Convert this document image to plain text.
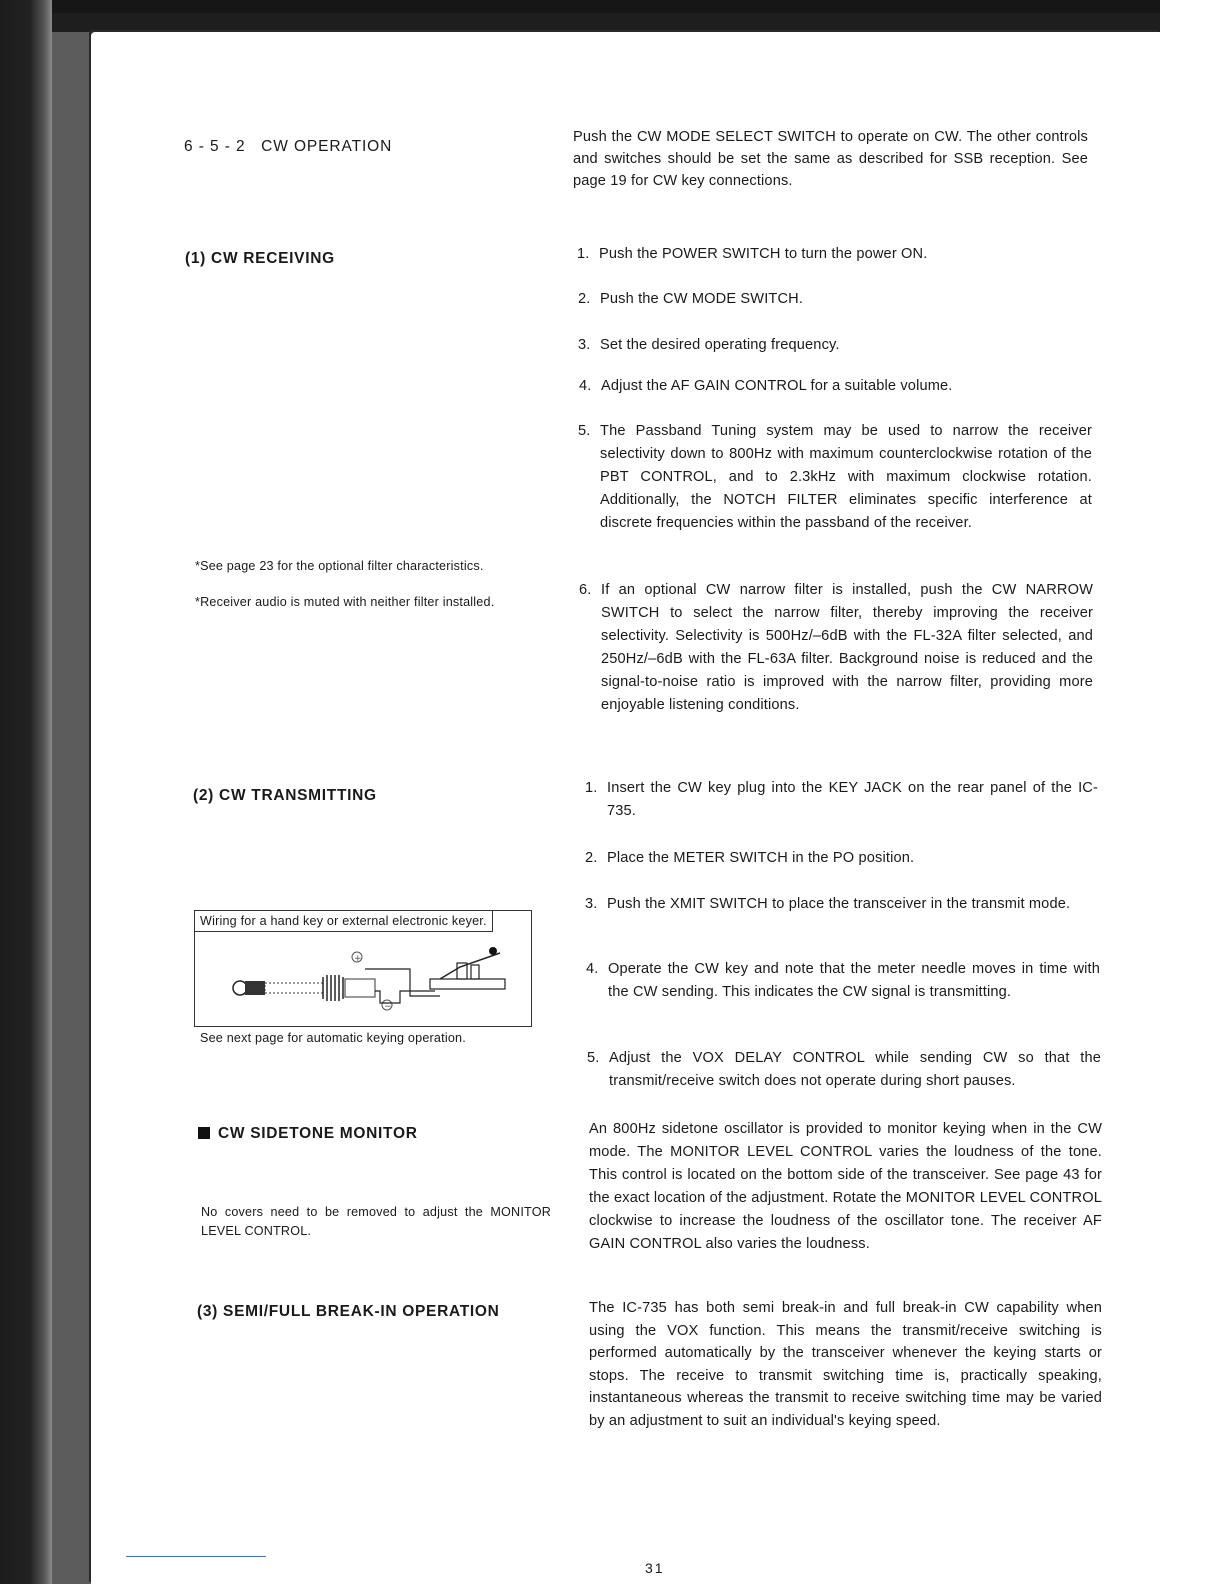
6 - 5 - 2 CW OPERATION
Push the CW MODE SELECT SWITCH to operate on CW. The other controls and switches should be set the same as described for SSB reception. See page 19 for CW key connections.
(1) CW RECEIVING	1. Push the POWER SWITCH to turn the power ON.
2. Push the CW MODE SWITCH.
3. Set the desired operating frequency.
4. Adjust the AF GAIN CONTROL for a suitable volume.
5. The Passband Tuning system may be used to narrow the receiver selectivity down to 800Hz with maximum counterclockwise rotation of the PBT CONTROL, and to 2.3kHz with maximum clockwise rotation. Additionally, the NOTCH FILTER eliminates specific interference at discrete frequencies within the passband of the receiver.
*See page 23 for the optional filter characteristics.
*Receiver audio is muted with neither filter installed.
6. If an optional CW narrow filter is installed, push the CW NARROW SWITCH to select the narrow filter, thereby improving the receiver selectivity. Selectivity is 500Hz/–6dB with the FL-32A filter selected, and 250Hz/–6dB with the FL-63A filter. Background noise is reduced and the signal-to-noise ratio is improved with the narrow filter, providing more enjoyable listening conditions.
(2) CW TRANSMITTING	1. Insert the CW key plug into the KEY JACK on the rear panel of the IC-735.
2. Place the METER SWITCH in the PO position.
3. Push the XMIT SWITCH to place the transceiver in the transmit mode.
Wiring for a hand key or external electronic keyer.
+
−
See next page for automatic keying operation.
4. Operate the CW key and note that the meter needle moves in time with the CW sending. This indicates the CW signal is transmitting.
5. Adjust the VOX DELAY CONTROL while sending CW so that the transmit/receive switch does not operate during short pauses.
CW SIDETONE MONITOR
No covers need to be removed to adjust the MONITOR LEVEL CONTROL.
An 800Hz sidetone oscillator is provided to monitor keying when in the CW mode. The MONITOR LEVEL CONTROL varies the loudness of the tone. This control is located on the bottom side of the transceiver. See page 43 for the exact location of the adjustment. Rotate the MONITOR LEVEL CONTROL clockwise to increase the loudness of the oscillator tone. The receiver AF GAIN CONTROL also varies the loudness.
(3) SEMI/FULL BREAK-IN OPERATION	The IC-735 has both semi break-in and full break-in CW capability when using the VOX function. This means the transmit/receive switching is performed automatically by the transceiver whenever the keying starts or stops. The receive to transmit switching time is, practically speaking, instantaneous whereas the transmit to receive switching time may be varied by an adjustment to suit an individual's keying speed.
31
